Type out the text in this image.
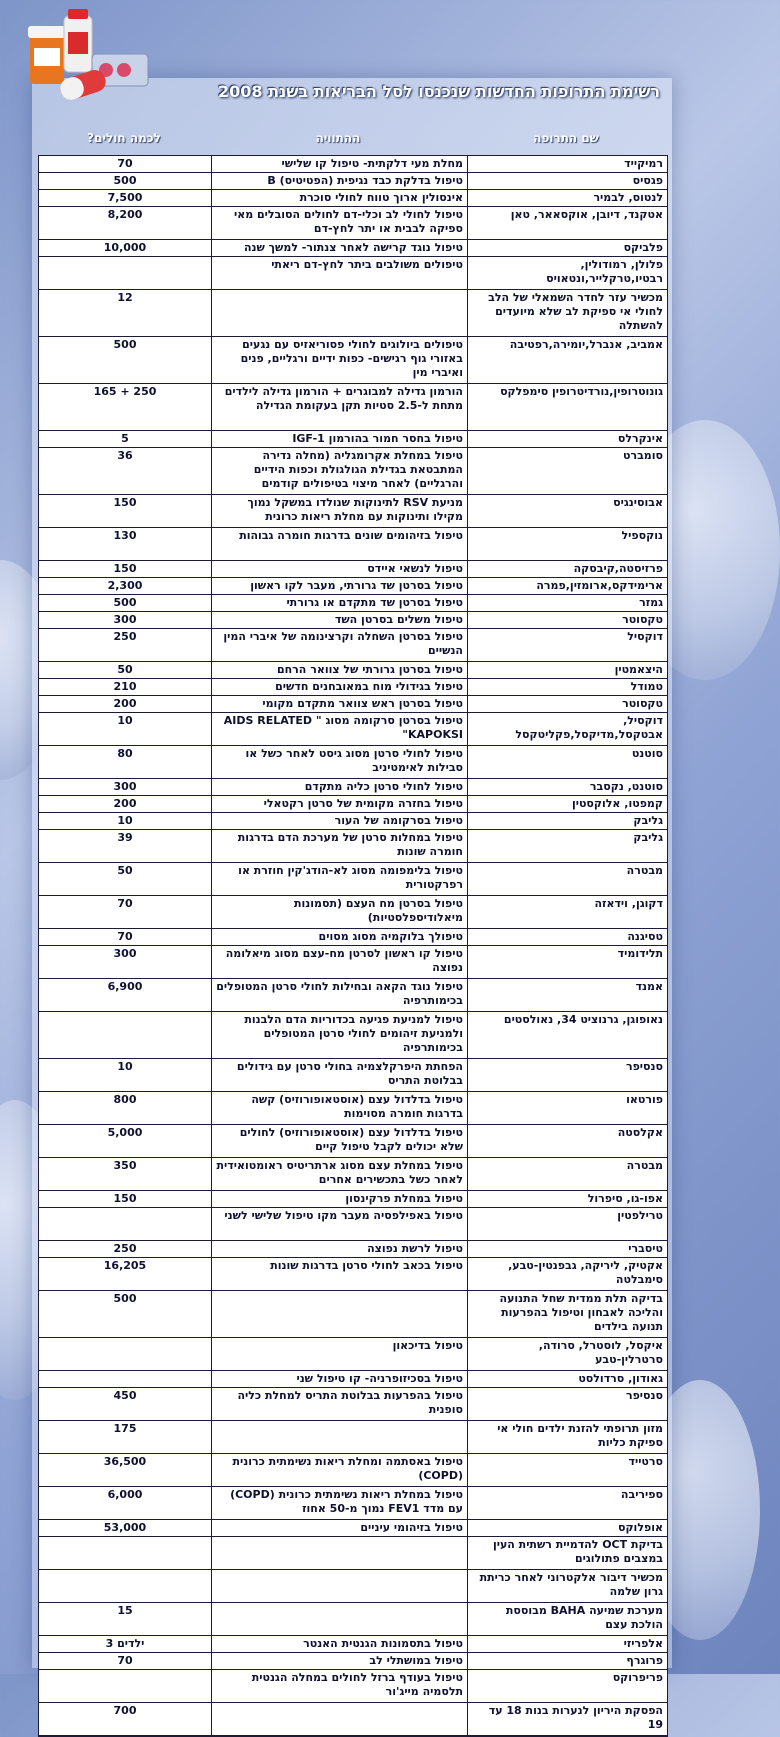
רשימת התרופות החדשות שנכנסו לסל הבריאות בשנת 2008
שם התרופה
ההתוויה
לכמה חולים?
רמיקייד
מחלת מעי דלקתית- טיפול קו שלישי
70
פגסיס
טיפול בדלקת כבד נגיפית (הפטיטיס) B
500
לנטוס, לבמיר
אינסולין ארוך טווח לחולי סוכרת
7,500
אטקנד, דיובן, אוקסאאר, טאן
טיפול לחולי לב וכלי-דם לחולים הסובלים מאי ספיקה לבבית או יתר לחץ-דם
8,200
פלביקס
טיפול נוגד קרישה לאחר צנתור- למשך שנה
10,000
פלולן, רמודולין, רבטיו,טרקלייר,ונטאויס
טיפולים משולבים ביתר לחץ-דם ריאתי
מכשיר עזר לחדר השמאלי של הלב לחולי אי ספיקת לב שלא מיועדים להשתלה
12
אמביב, אנברל,יומירה,רפטיבה
טיפולים ביולוגים לחולי פסוריאזיס עם נגעים באזורי גוף רגישים- כפות ידיים ורגליים, פנים ואיברי מין
500
גונוטרופין,נורדיטרופין סימפלקס
הורמון גדילה למבוגרים + הורמון גדילה לילדים מתחת ל-2.5 סטיות תקן בעקומת הגדילה
165 + 250
אינקרלס
טיפול בחסר חמור בהורמון IGF-1
5
סומברט
טיפול במחלת אקרומגליה (מחלה נדירה המתבטאת בגדילת הגולגולת וכפות הידיים והרגליים) לאחר מיצוי בטיפולים קודמים
36
אבוסינגיס
מניעת RSV לתינוקות שנולדו במשקל נמוך מקילו ותינוקות עם מחלת ריאות כרונית
150
נוקספיל
טיפול בזיהומים שונים בדרגות חומרה גבוהות
130
פרזיסטה,קיבסקה
טיפול לנשאי איידס
150
ארימידקס,ארומזין,פמרה
טיפול בסרטן שד גרורתי, מעבר לקו ראשון
2,300
גמזר
טיפול בסרטן שד מתקדם או גרורתי
500
טקסוטר
טיפול משלים בסרטן השד
300
דוקסיל
טיפול בסרטן השחלה וקרצינומה של איברי המין הנשיים
250
היצאמטין
טיפול בסרטן גרורתי של צוואר הרחם
50
טמודל
טיפול בגידולי מוח במאובחנים חדשים
210
טקסוטר
טיפול בסרטן ראש צוואר מתקדם מקומי
200
דוקסיל, אבטקסל,מדיקסל,פקליטקסל
טיפול בסרטן סרקומה מסוג " AIDS RELATED KAPOKSI"
10
סוטנט
טיפול לחולי סרטן מסוג גיסט לאחר כשל או סבילות לאימטיניב
80
סוטנט, נקסבר
טיפול לחולי סרטן כליה מתקדם
300
קמפטו, אלוקסטין
טיפול בחזרה מקומית של סרטן רקטאלי
200
גליבק
טיפול בסרקומה של העור
10
גליבק
טיפול במחלות סרטן של מערכת הדם בדרגות חומרה שונות
39
מבטרה
טיפול בלימפומה מסוג לא-הודג'קין חוזרת או רפרקטורית
50
דקוגן, וידאזה
טיפול בסרטן מח העצם (תסמונות מיאלודיספלסטיות)
70
טסיגנה
טיפולך בלוקמיה מסוג מסוים
70
תלידומיד
טיפול קו ראשון לסרטן מח-עצם מסוג מיאלומה נפוצה
300
אמנד
טיפול נוגד הקאה ובחילות לחולי סרטן המטופלים בכימותרפיה
6,900
נאופוגן, גרנוציט 34, נאולסטים
טיפול למניעת פגיעה בכדוריות הדם הלבנות ולמניעת זיהומים לחולי סרטן המטופלים בכימותרפיה
סנסיפר
הפחתת היפרקלצמיה בחולי סרטן עם גידולים בבלוטת התריס
10
פורטאו
טיפול בדלדול עצם (אוסטאופורוזיס) קשה בדרגות חומרה מסוימות
800
אקלסטה
טיפול בדלדול עצם (אוסטאופורוזיס) לחולים שלא יכולים לקבל טיפול קיים
5,000
מבטרה
טיפול במחלת עצם מסוג ארתריטיס ראומטואידית לאחר כשל בתכשירים אחרים
350
אפו-גו, סיפרול
טיפול במחלת פרקינסון
150
טרילפטין
טיפול באפילפסיה מעבר מקו טיפול שלישי לשני
טיסברי
טיפול לרשת נפוצה
250
אקטיק, ליריקה, גבפנטין-טבע, סימבלטה
טיפול בכאב לחולי סרטן בדרגות שונות
16,205
בדיקה תלת ממדית שחל התנועה והליכה לאבחון וטיפול בהפרעות תנועה בילדים
500
איקסל, לוסטרל, סרודה, סרטרלין-טבע
טיפול בדיכאון
גאודון, סרדולסט
טיפול בסכיזופרניה- קו טיפול שני
סנסיפר
טיפול בהפרעות בבלוטת התריס למחלת כליה סופנית
450
מזון תרופתי להזנת ילדים חולי אי ספיקת כליות
175
סרטייד
טיפול באסתמה ומחלת ריאות נשימתית כרונית (COPD)
36,500
ספיריבה
טיפול במחלת ריאות נשימתית כרונית (COPD) עם מדד FEV1 נמוך מ-50 אחוז
6,000
אופלוקס
טיפול בזיהומי עיניים
53,000
בדיקת OCT להדמיית רשתית העין במצבים פתולוגים
מכשיר דיבור אלקטרוני לאחר כריתת גרון שלמה
מערכת שמיעה BAHA מבוססת הולכת עצם
15
אלפריזי
טיפול בתסמונות הגנטית האנטר
3 ילדים
פרוגרף
טיפול במושתלי לב
70
פריפרוקס
טיפול בעודף ברזל לחולים במחלה הגנטית תלסמיה מייג'ור
הפסקת היריון לנערות בנות 18 עד 19
700
